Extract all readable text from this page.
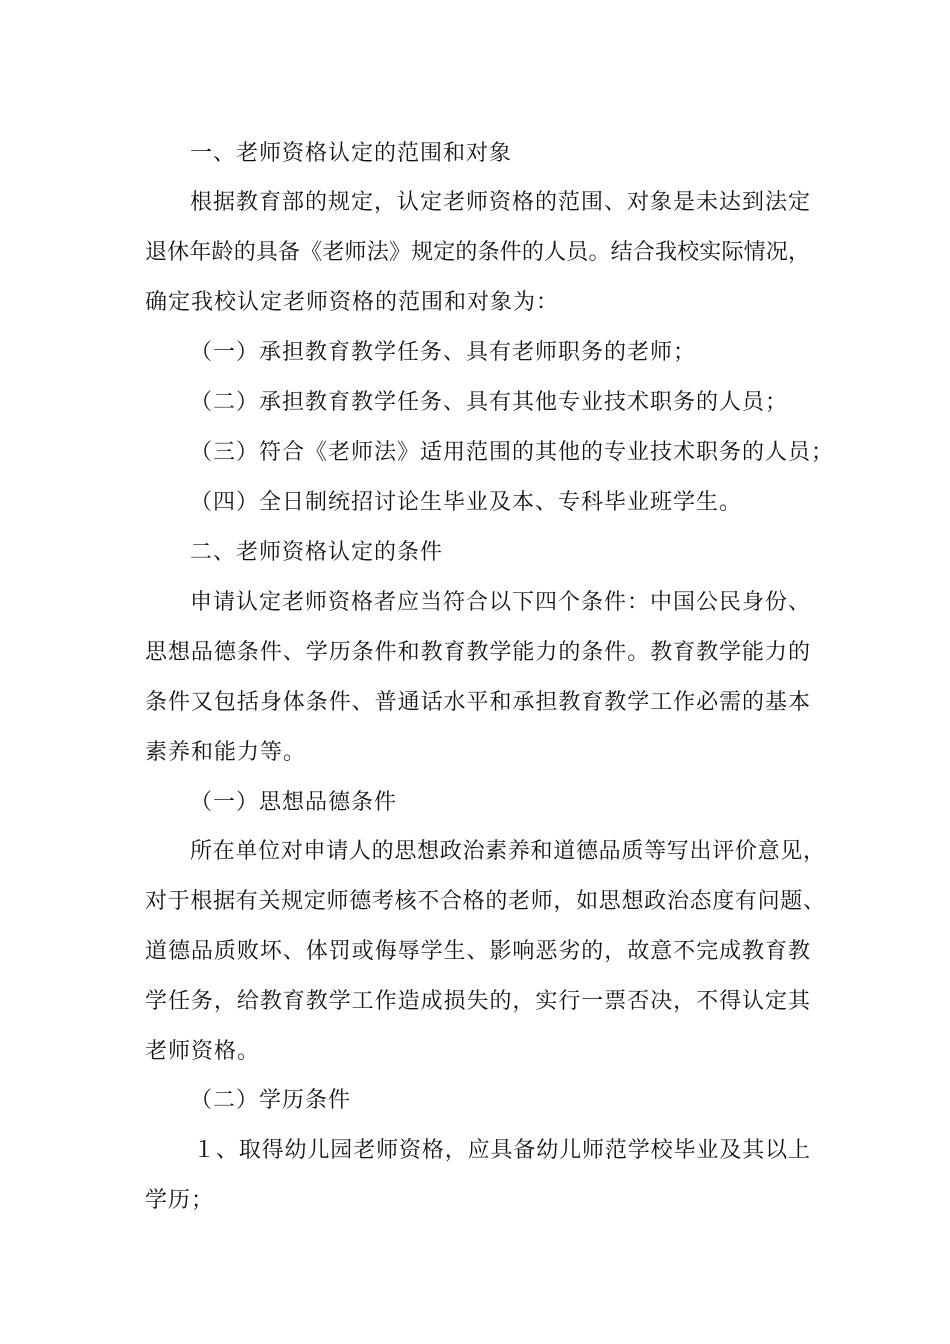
一、老师资格认定的范围和对象
根据教育部的规定，认定老师资格的范围、对象是未达到法定
退休年龄的具备《老师法》规定的条件的人员。结合我校实际情况，
确定我校认定老师资格的范围和对象为：
（一）承担教育教学任务、具有老师职务的老师；
（二）承担教育教学任务、具有其他专业技术职务的人员；
（三）符合《老师法》适用范围的其他的专业技术职务的人员；
（四）全日制统招讨论生毕业及本、专科毕业班学生。
二、老师资格认定的条件
申请认定老师资格者应当符合以下四个条件：中国公民身份、
思想品德条件、学历条件和教育教学能力的条件。教育教学能力的
条件又包括身体条件、普通话水平和承担教育教学工作必需的基本
素养和能力等。
（一）思想品德条件
所在单位对申请人的思想政治素养和道德品质等写出评价意见，
对于根据有关规定师德考核不合格的老师，如思想政治态度有问题、
道德品质败坏、体罚或侮辱学生、影响恶劣的，故意不完成教育教
学任务，给教育教学工作造成损失的，实行一票否决，不得认定其
老师资格。
（二）学历条件
１、取得幼儿园老师资格，应具备幼儿师范学校毕业及其以上
学历；
